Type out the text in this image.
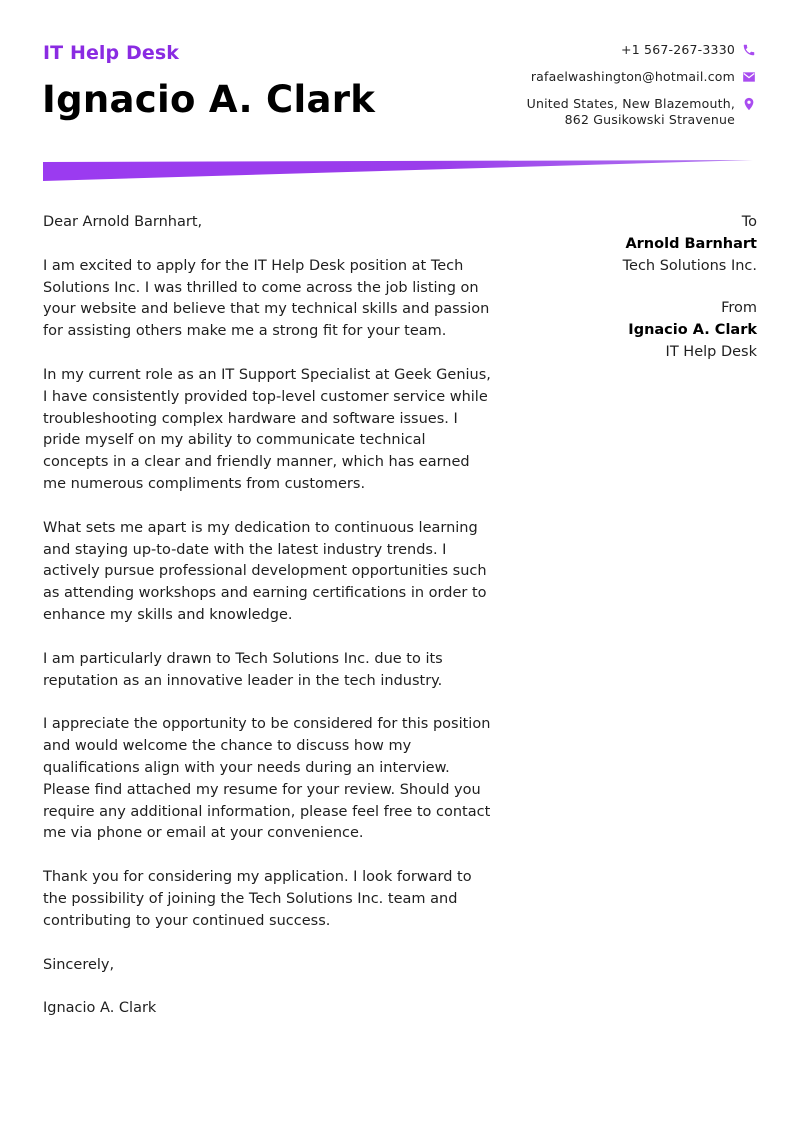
IT Help Desk
Ignacio A. Clark
+1 567-267-3330
rafaelwashington@hotmail.com
United States, New Blazemouth,
862 Gusikowski Stravenue

Dear Arnold Barnhart,

I am excited to apply for the IT Help Desk position at Tech Solutions Inc. I was thrilled to come across the job listing on your website and believe that my technical skills and passion for assisting others make me a strong fit for your team.

In my current role as an IT Support Specialist at Geek Genius, I have consistently provided top-level customer service while troubleshooting complex hardware and software issues. I pride myself on my ability to communicate technical concepts in a clear and friendly manner, which has earned me numerous compliments from customers.

What sets me apart is my dedication to continuous learning and staying up-to-date with the latest industry trends. I actively pursue professional development opportunities such as attending workshops and earning certifications in order to enhance my skills and knowledge.

I am particularly drawn to Tech Solutions Inc. due to its reputation as an innovative leader in the tech industry.

I appreciate the opportunity to be considered for this position and would welcome the chance to discuss how my qualifications align with your needs during an interview. Please find attached my resume for your review. Should you require any additional information, please feel free to contact me via phone or email at your convenience.

Thank you for considering my application. I look forward to the possibility of joining the Tech Solutions Inc. team and contributing to your continued success.

Sincerely,

Ignacio A. Clark

To
Arnold Barnhart
Tech Solutions Inc.
From
Ignacio A. Clark
IT Help Desk
